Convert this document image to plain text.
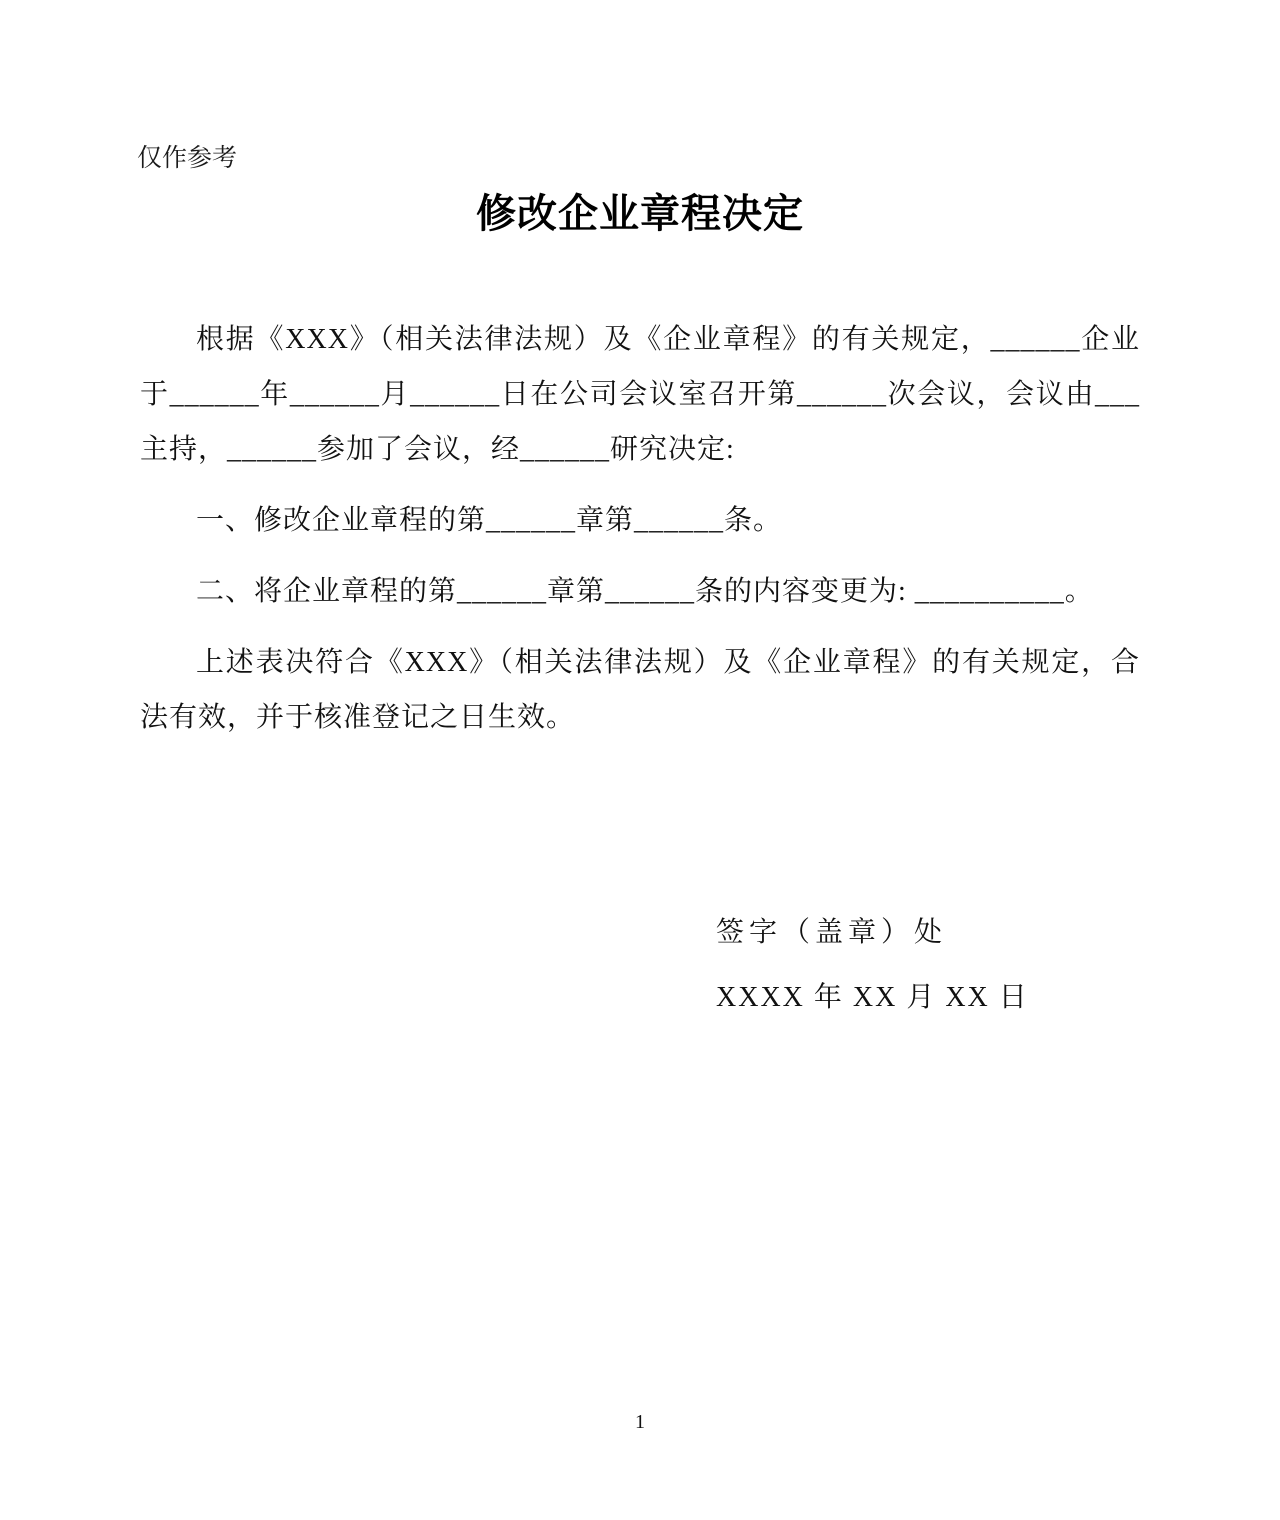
仅作参考
修改企业章程决定

根据《XXX》（相关法律法规）及《企业章程》的有关规定，______企业于______年______月______日在公司会议室召开第______次会议，会议由___主持，______参加了会议，经______研究决定:

一、修改企业章程的第______章第______条。

二、将企业章程的第______章第______条的内容变更为: __________。

上述表决符合《XXX》（相关法律法规）及《企业章程》的有关规定，合法有效，并于核准登记之日生效。

签字（盖章）处
XXXX 年 XX 月 XX 日
1
